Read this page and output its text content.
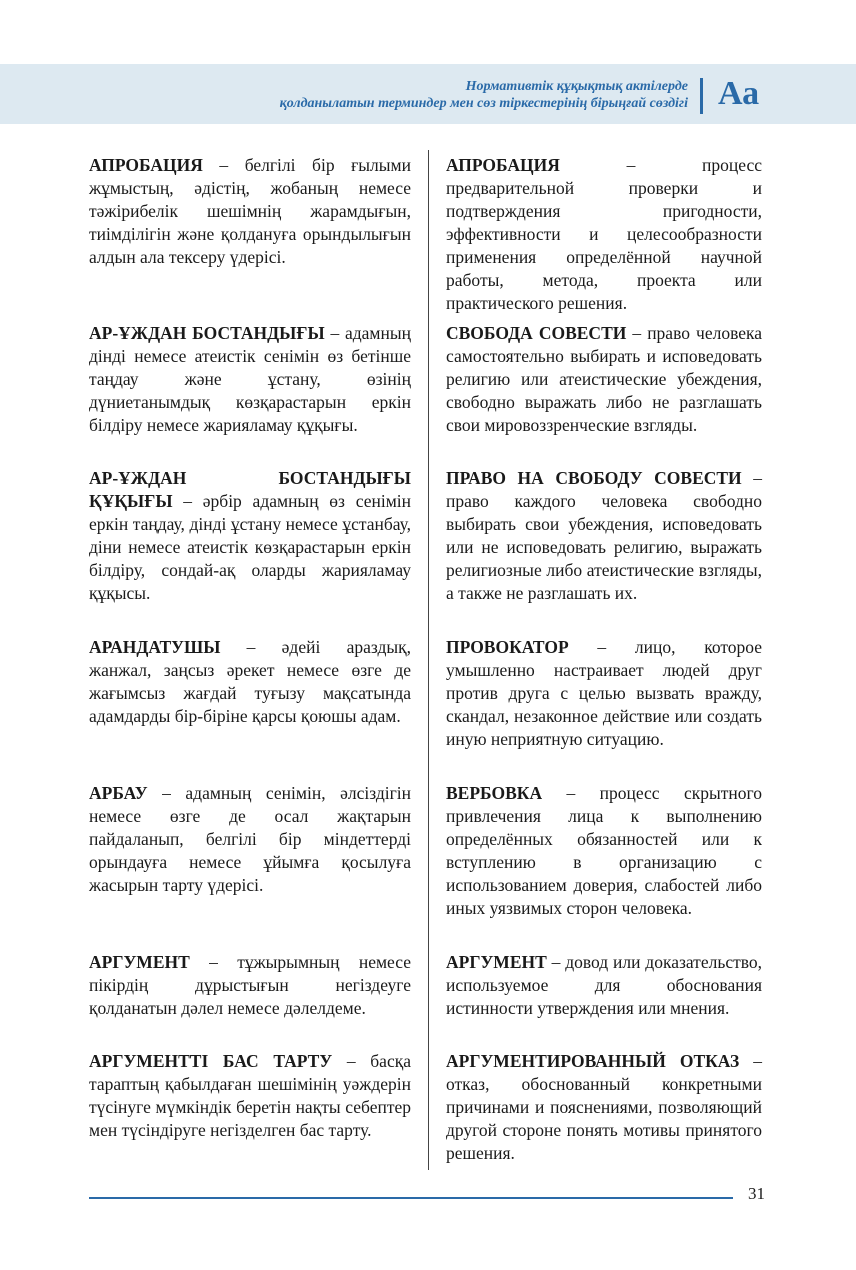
Нормативтік құқықтық актілерде
қолданылатын терминдер мен сөз тіркестерінің бірыңғай сөздігі Аа
АПРОБАЦИЯ – белгілі бір ғылыми жұмыстың, әдістің, жобаның немесе тәжірибелік шешімнің жарамдығын, тиімділігін және қолдануға орындылығын алдын ала тексеру үдерісі.
АПРОБАЦИЯ – процесс предварительной проверки и подтверждения пригодности, эффективности и целесообразности применения определённой научной работы, метода, проекта или практического решения.
АР-ҰЖДАН БОСТАНДЫҒЫ – адамның дінді немесе атеистік сенімін өз бетінше таңдау және ұстану, өзінің дүниетанымдық көзқарастарын еркін білдіру немесе жарияламау құқығы.
СВОБОДА СОВЕСТИ – право человека самостоятельно выбирать и исповедовать религию или атеистические убеждения, свободно выражать либо не разглашать свои мировоззренческие взгляды.
АР-ҰЖДАН БОСТАНДЫҒЫ ҚҰҚЫҒЫ – әрбір адамның өз сенімін еркін таңдау, дінді ұстану немесе ұстанбау, діни немесе атеистік көзқарастарын еркін білдіру, сондай-ақ оларды жарияламау құқысы.
ПРАВО НА СВОБОДУ СОВЕСТИ – право каждого человека свободно выбирать свои убеждения, исповедовать или не исповедовать религию, выражать религиозные либо атеистические взгляды, а также не разглашать их.
АРАНДАТУШЫ – әдейі араздық, жанжал, заңсыз әрекет немесе өзге де жағымсыз жағдай туғызу мақсатында адамдарды бір-біріне қарсы қоюшы адам.
ПРОВОКАТОР – лицо, которое умышленно настраивает людей друг против друга с целью вызвать вражду, скандал, незаконное действие или создать иную неприятную ситуацию.
АРБАУ – адамның сенімін, әлсіздігін немесе өзге де осал жақтарын пайдаланып, белгілі бір міндеттерді орындауға немесе ұйымға қосылуға жасырын тарту үдерісі.
ВЕРБОВКА – процесс скрытного привлечения лица к выполнению определённых обязанностей или к вступлению в организацию с использованием доверия, слабостей либо иных уязвимых сторон человека.
АРГУМЕНТ – тұжырымның немесе пікірдің дұрыстығын негіздеуге қолданатын дәлел немесе дәлелдеме.
АРГУМЕНТ – довод или доказательство, используемое для обоснования истинности утверждения или мнения.
АРГУМЕНТТІ БАС ТАРТУ – басқа тараптың қабылдаған шешімінің уәждерін түсінуге мүмкіндік беретін нақты себептер мен түсіндіруге негізделген бас тарту.
АРГУМЕНТИРОВАННЫЙ ОТКАЗ – отказ, обоснованный конкретными причинами и пояснениями, позволяющий другой стороне понять мотивы принятого решения.
31
